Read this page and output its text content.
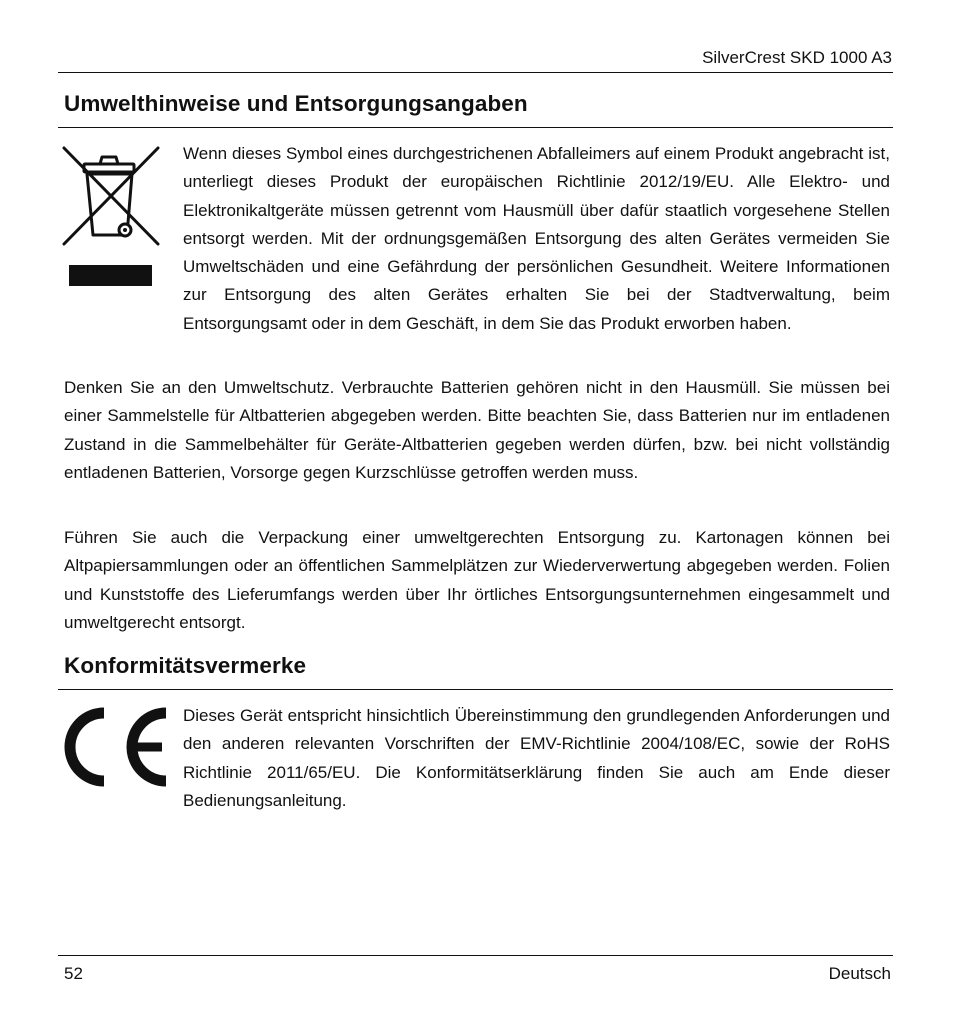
SilverCrest SKD 1000 A3
Umwelthinweise und Entsorgungsangaben
Wenn dieses Symbol eines durchgestrichenen Abfalleimers auf einem Produkt angebracht ist, unterliegt dieses Produkt der europäischen Richtlinie 2012/19/EU. Alle Elektro- und Elektronikaltgeräte müssen getrennt vom Hausmüll über dafür staatlich vorgesehene Stellen entsorgt werden. Mit der ordnungsgemäßen Entsorgung des alten Gerätes vermeiden Sie Umweltschäden und eine Gefährdung der persönlichen Gesundheit. Weitere Informationen zur Entsorgung des alten Gerätes erhalten Sie bei der Stadtverwaltung, beim Entsorgungsamt oder in dem Geschäft, in dem Sie das Produkt erworben haben.
Denken Sie an den Umweltschutz. Verbrauchte Batterien gehören nicht in den Hausmüll. Sie müssen bei einer Sammelstelle für Altbatterien abgegeben werden. Bitte beachten Sie, dass Batterien nur im entladenen Zustand in die Sammelbehälter für Geräte-Altbatterien gegeben werden dürfen, bzw. bei nicht vollständig entladenen Batterien, Vorsorge gegen Kurzschlüsse getroffen werden muss.
Führen Sie auch die Verpackung einer umweltgerechten Entsorgung zu. Kartonagen können bei Altpapiersammlungen oder an öffentlichen Sammelplätzen zur Wiederverwertung abgegeben werden. Folien und Kunststoffe des Lieferumfangs werden über Ihr örtliches Entsorgungsunternehmen eingesammelt und umweltgerecht entsorgt.
Konformitätsvermerke
Dieses Gerät entspricht hinsichtlich Übereinstimmung den grundlegenden Anforderungen und den anderen relevanten Vorschriften der EMV-Richtlinie 2004/108/EC, sowie der RoHS Richtlinie 2011/65/EU. Die Konformitätserklärung finden Sie auch am Ende dieser Bedienungsanleitung.
52	Deutsch
